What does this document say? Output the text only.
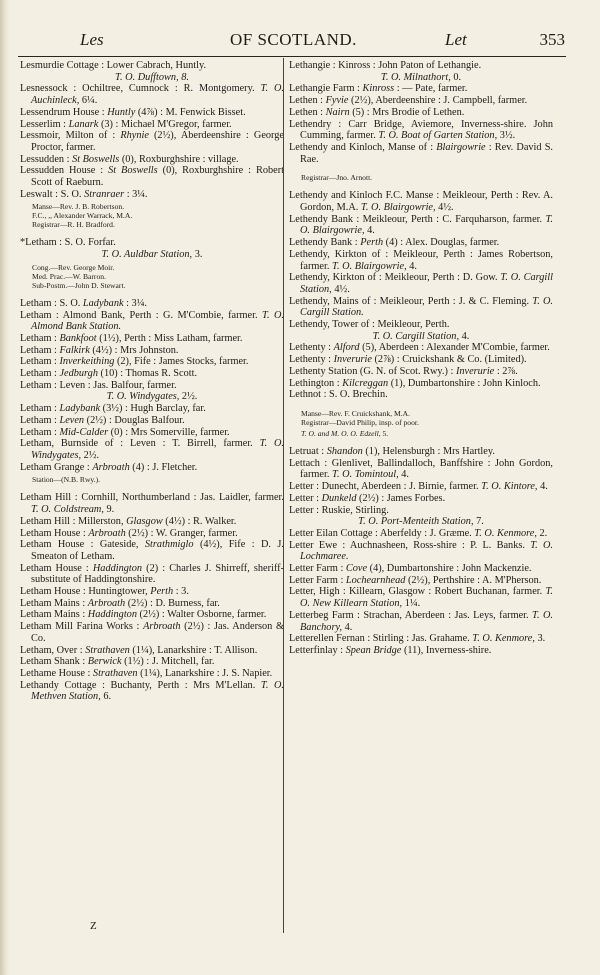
Les	OF SCOTLAND.	Let	353

Lesmurdie Cottage : Lower Cabrach, Huntly.

T. O. Dufftown, 8.

Lesnessock : Ochiltree, Cumnock : R. Montgomery. T. O. Auchinleck, 6¼.

Lessendrum House : Huntly (4⅞) : M. Fenwick Bisset.

Lesserlim : Lanark (3) : Michael M'Gregor, farmer.

Lessmoir, Milton of : Rhynie (2½), Aberdeenshire : George Proctor, farmer.

Lessudden : St Boswells (0), Roxburghshire : village.

Lessudden House : St Boswells (0), Roxburghshire : Robert Scott of Raeburn.

Leswalt : S. O. Stranraer : 3¼.

Manse—Rev. J. B. Robertson.
F.C., ,, Alexander Warrack, M.A.
Registrar—R. H. Bradford.

*Letham : S. O. Forfar.

T. O. Auldbar Station, 3.

Cong.—Rev. George Moir.
Med. Prac.—W. Barron.
Sub-Postm.—John D. Stewart.

Letham : S. O. Ladybank : 3¼.

Letham : Almond Bank, Perth : G. M'Combie, farmer. T. O. Almond Bank Station.

Letham : Bankfoot (1½), Perth : Miss Latham, farmer.

Letham : Falkirk (4½) : Mrs Johnston.

Letham : Inverkeithing (2), Fife : James Stocks, farmer.

Letham : Jedburgh (10) : Thomas R. Scott.

Letham : Leven : Jas. Balfour, farmer.

T. O. Windygates, 2½.

Letham : Ladybank (3½) : Hugh Barclay, far.

Letham : Leven (2½) : Douglas Balfour.

Letham : Mid-Calder (0) : Mrs Somerville, farmer.

Letham, Burnside of : Leven : T. Birrell, farmer. T. O. Windygates, 2½.

Letham Grange : Arbroath (4) : J. Fletcher.

Station—(N.B. Rwy.).

Letham Hill : Cornhill, Northumberland : Jas. Laidler, farmer. T. O. Coldstream, 9.

Letham Hill : Millerston, Glasgow (4½) : R. Walker.

Letham House : Arbroath (2½) : W. Granger, farmer.

Letham House : Gateside, Strathmiglo (4½), Fife : D. J. Smeaton of Letham.

Letham House : Haddington (2) : Charles J. Shirreff, sheriff-substitute of Haddingtonshire.

Letham House : Huntingtower, Perth : 3.

Letham Mains : Arbroath (2½) : D. Burness, far.

Letham Mains : Haddington (2½) : Walter Osborne, farmer.

Letham Mill Farina Works : Arbroath (2½) : Jas. Anderson & Co.

Letham, Over : Strathaven (1¼), Lanarkshire : T. Allison.

Letham Shank : Berwick (1½) : J. Mitchell, far.

Lethame House : Strathaven (1¼), Lanarkshire : J. S. Napier.

Lethandy Cottage : Buchanty, Perth : Mrs M'Lellan. T. O. Methven Station, 6.

Lethangie : Kinross : John Paton of Lethangie.

T. O. Milnathort, 0.

Lethangie Farm : Kinross : — Pate, farmer.

Lethen : Fyvie (2½), Aberdeenshire : J. Campbell, farmer.

Lethen : Nairn (5) : Mrs Brodie of Lethen.

Lethendry : Carr Bridge, Aviemore, Inverness-shire. John Cumming, farmer. T. O. Boat of Garten Station, 3½.

Lethendy and Kinloch, Manse of : Blairgowrie : Rev. David S. Rae.

Registrar—Jno. Arnott.

Lethendy and Kinloch F.C. Manse : Meikleour, Perth : Rev. A. Gordon, M.A. T. O. Blairgowrie, 4½.

Lethendy Bank : Meikleour, Perth : C. Farquharson, farmer. T. O. Blairgowrie, 4.

Lethendy Bank : Perth (4) : Alex. Douglas, farmer.

Lethendy, Kirkton of : Meikleour, Perth : James Robertson, farmer. T. O. Blairgowrie, 4.

Lethendy, Kirkton of : Meikleour, Perth : D. Gow. T. O. Cargill Station, 4½.

Lethendy, Mains of : Meikleour, Perth : J. & C. Fleming. T. O. Cargill Station.

Lethendy, Tower of : Meikleour, Perth.

T. O. Cargill Station, 4.

Lethenty : Alford (5), Aberdeen : Alexander M'Combie, farmer.

Lethenty : Inverurie (2⅞) : Cruickshank & Co. (Limited).

Lethenty Station (G. N. of Scot. Rwy.) : Inverurie : 2⅞.

Lethington : Kilcreggan (1), Dumbartonshire : John Kinloch.

Lethnot : S. O. Brechin.

Manse—Rev. F. Cruickshank, M.A.
Registrar—David Philip, insp. of poor.

T. O. and M. O. O. Edzell, 5.

Letruat : Shandon (1), Helensburgh : Mrs Hartley.

Lettach : Glenlivet, Ballindalloch, Banffshire : John Gordon, farmer. T. O. Tomintoul, 4.

Letter : Dunecht, Aberdeen : J. Birnie, farmer. T. O. Kintore, 4.

Letter : Dunkeld (2½) : James Forbes.

Letter : Ruskie, Stirling.

T. O. Port-Menteith Station, 7.

Letter Eilan Cottage : Aberfeldy : J. Græme. T. O. Kenmore, 2.

Letter Ewe : Auchnasheen, Ross-shire : P. L. Banks. T. O. Lochmaree.

Letter Farm : Cove (4), Dumbartonshire : John Mackenzie.

Letter Farm : Lochearnhead (2½), Perthshire : A. M'Pherson.

Letter, High : Killearn, Glasgow : Robert Buchanan, farmer. T. O. New Killearn Station, 1¼.

Letterbeg Farm : Strachan, Aberdeen : Jas. Leys, farmer. T. O. Banchory, 4.

Letterellen Fernan : Stirling : Jas. Grahame. T. O. Kenmore, 3.

Letterfinlay : Spean Bridge (11), Inverness-shire.

Z
